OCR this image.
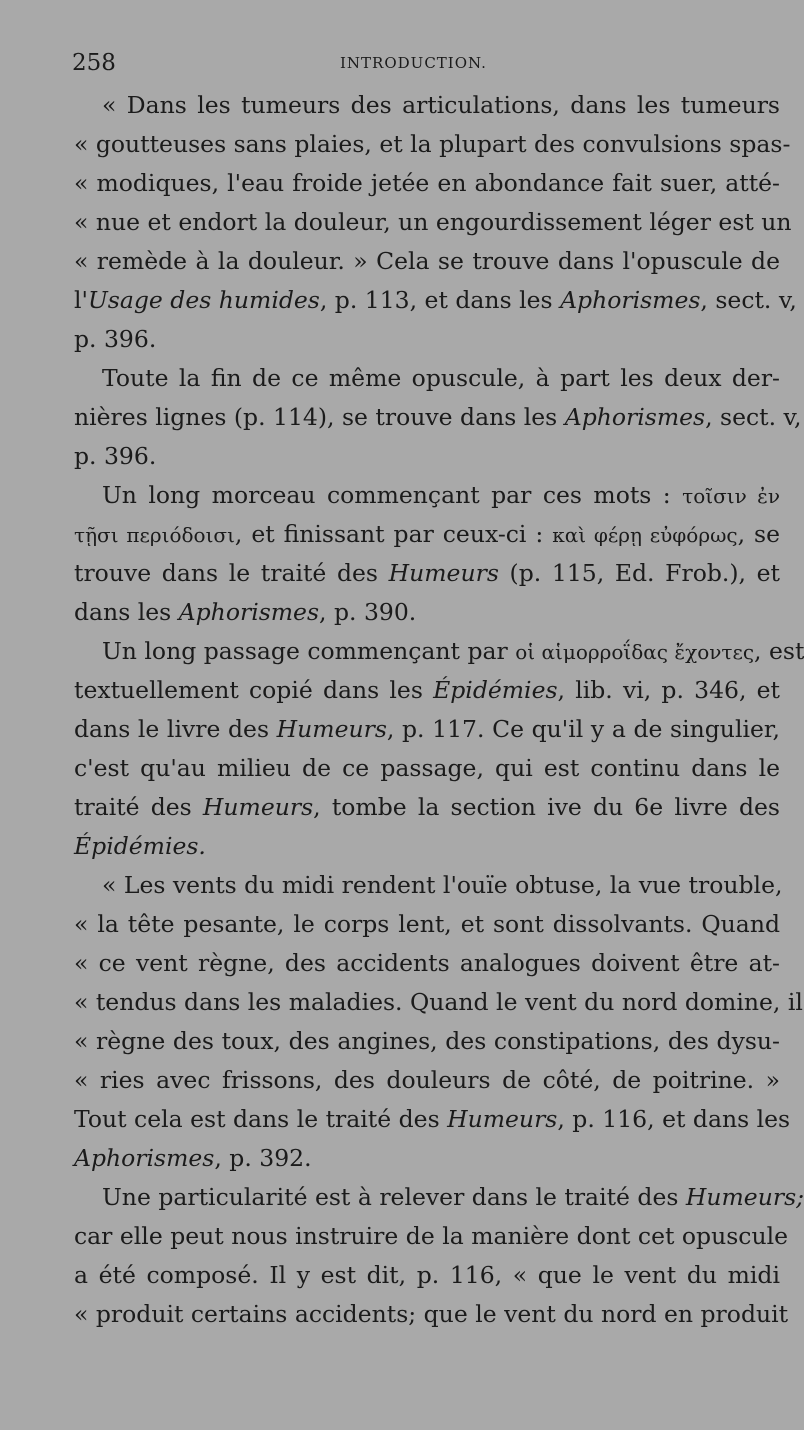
258	INTRODUCTION.
« Dans les tumeurs des articulations, dans les tumeurs
« goutteuses sans plaies, et la plupart des convulsions spas-
« modiques, l'eau froide jetée en abondance fait suer, atté-
« nue et endort la douleur, un engourdissement léger est un
« remède à la douleur. » Cela se trouve dans l'opuscule de
l'Usage des humides, p. 113, et dans les Aphorismes, sect. v,
p. 396.
Toute la fin de ce même opuscule, à part les deux der-
nières lignes (p. 114), se trouve dans les Aphorismes, sect. v,
p. 396.
Un long morceau commençant par ces mots : τοῖσιν ἐν
τῇσι περιόδοισι, et finissant par ceux-ci : καὶ φέρῃ εὐφόρως, se
trouve dans le traité des Humeurs (p. 115, Ed. Frob.), et
dans les Aphorismes, p. 390.
Un long passage commençant par οἱ αἱμορροΐδας ἔχοντες, est
textuellement copié dans les Épidémies, lib. vi, p. 346, et
dans le livre des Humeurs, p. 117. Ce qu'il y a de singulier,
c'est qu'au milieu de ce passage, qui est continu dans le
traité des Humeurs, tombe la section ive du 6e livre des
Épidémies.
« Les vents du midi rendent l'ouïe obtuse, la vue trouble,
« la tête pesante, le corps lent, et sont dissolvants. Quand
« ce vent règne, des accidents analogues doivent être at-
« tendus dans les maladies. Quand le vent du nord domine, il
« règne des toux, des angines, des constipations, des dysu-
« ries avec frissons, des douleurs de côté, de poitrine. »
Tout cela est dans le traité des Humeurs, p. 116, et dans les
Aphorismes, p. 392.
Une particularité est à relever dans le traité des Humeurs;
car elle peut nous instruire de la manière dont cet opuscule
a été composé. Il y est dit, p. 116, « que le vent du midi
« produit certains accidents; que le vent du nord en produit
